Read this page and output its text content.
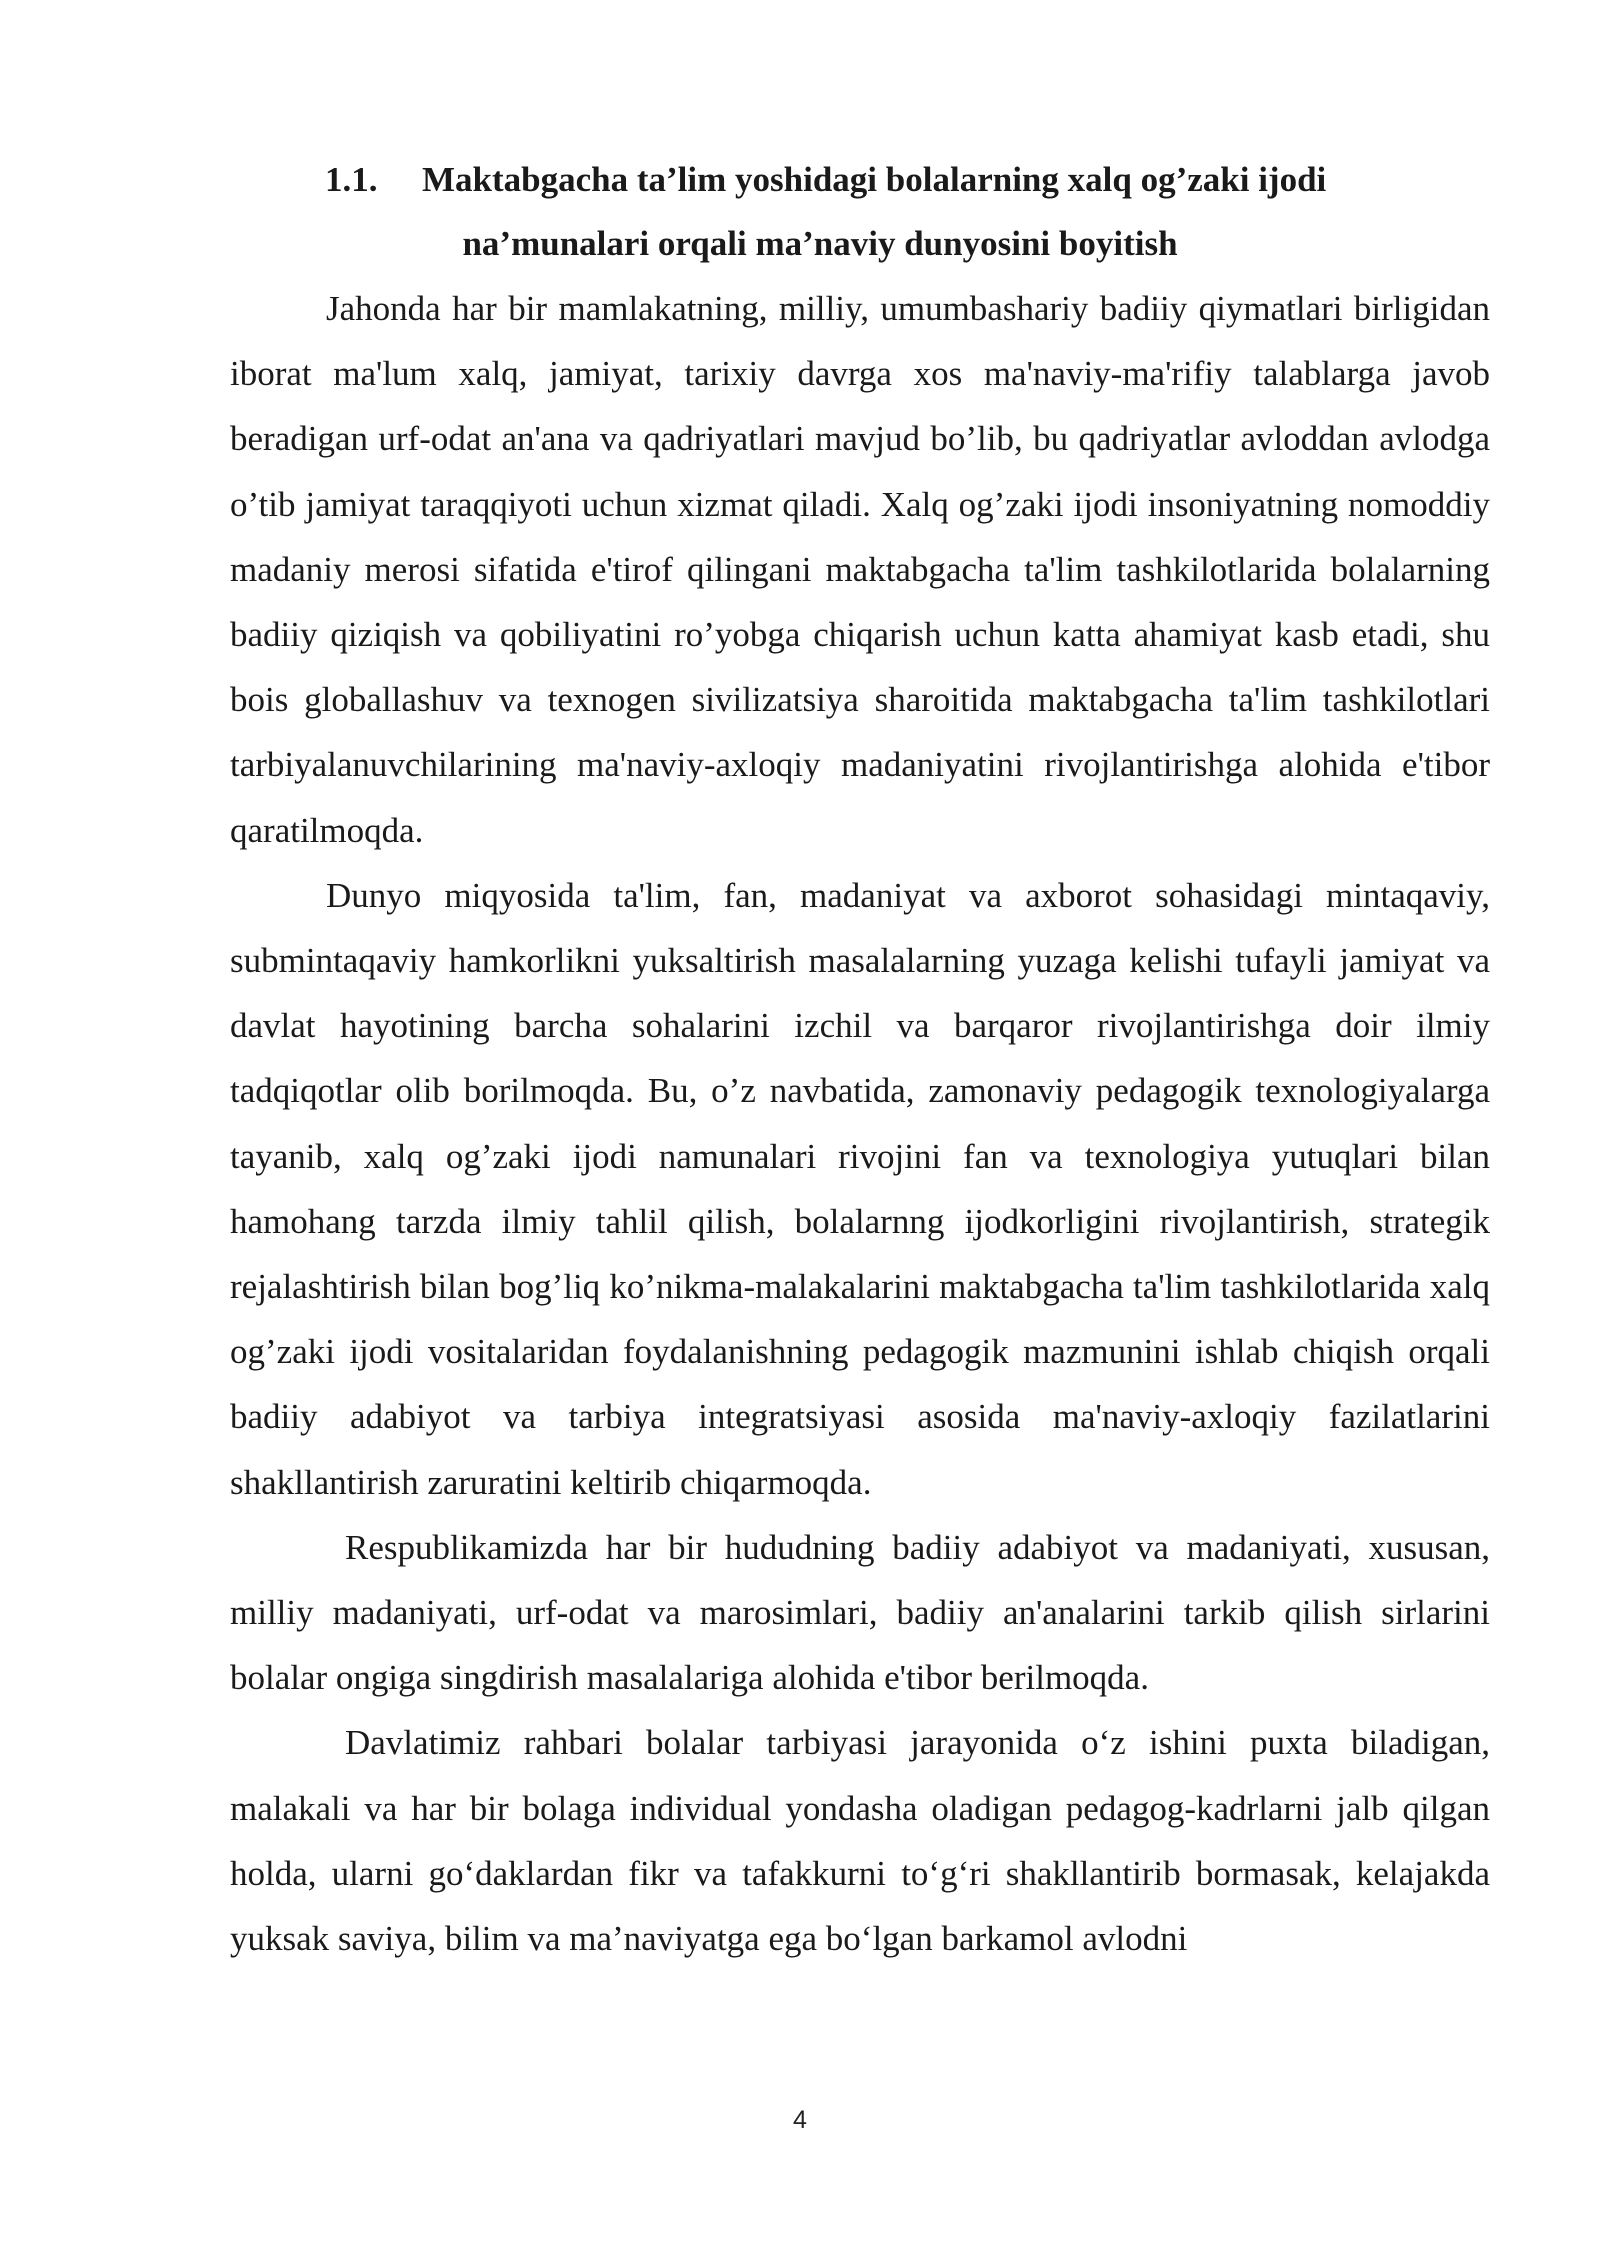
1.1. Maktabgacha ta’lim yoshidagi bolalarning xalq og’zaki ijodi
na’munalari orqali ma’naviy dunyosini boyitish

Jahonda har bir mamlakatning, milliy, umumbashariy badiiy qiymatlari birligidan iborat ma'lum xalq, jamiyat, tarixiy davrga xos ma'naviy-ma'rifiy talablarga javob beradigan urf-odat an'ana va qadriyatlari mavjud bo’lib, bu qadriyatlar avloddan avlodga o’tib jamiyat taraqqiyoti uchun xizmat qiladi. Xalq og’zaki ijodi insoniyatning nomoddiy madaniy merosi sifatida e'tirof qilingani maktabgacha ta'lim tashkilotlarida bolalarning badiiy qiziqish va qobiliyatini ro’yobga chiqarish uchun katta ahamiyat kasb etadi, shu bois globallashuv va texnogen sivilizatsiya sharoitida maktabgacha ta'lim tashkilotlari tarbiyalanuvchilarining ma'naviy-axloqiy madaniyatini rivojlantirishga alohida e'tibor qaratilmoqda.

Dunyo miqyosida ta'lim, fan, madaniyat va axborot sohasidagi mintaqaviy, submintaqaviy hamkorlikni yuksaltirish masalalarning yuzaga kelishi tufayli jamiyat va davlat hayotining barcha sohalarini izchil va barqaror rivojlantirishga doir ilmiy tadqiqotlar olib borilmoqda. Bu, o’z navbatida, zamonaviy pedagogik texnologiyalarga tayanib, xalq og’zaki ijodi namunalari rivojini fan va texnologiya yutuqlari bilan hamohang tarzda ilmiy tahlil qilish, bolalarnng ijodkorligini rivojlantirish, strategik rejalashtirish bilan bog’liq ko’nikma-malakalarini maktabgacha ta'lim tashkilotlarida xalq og’zaki ijodi vositalaridan foydalanishning pedagogik mazmunini ishlab chiqish orqali badiiy adabiyot va tarbiya integratsiyasi asosida ma'naviy-axloqiy fazilatlarini shakllantirish zaruratini keltirib chiqarmoqda.

Respublikamizda har bir hududning badiiy adabiyot va madaniyati, xususan, milliy madaniyati, urf-odat va marosimlari, badiiy an'analarini tarkib qilish sirlarini bolalar ongiga singdirish masalalariga alohida e'tibor berilmoqda.

Davlatimiz rahbari bolalar tarbiyasi jarayonida o‘z ishini puxta biladigan, malakali va har bir bolaga individual yondasha oladigan pedagog-kadrlarni jalb qilgan holda, ularni go‘daklardan fikr va tafakkurni to‘g‘ri shakllantirib bormasak, kelajakda yuksak saviya, bilim va ma’naviyatga ega bo‘lgan barkamol avlodni

4
